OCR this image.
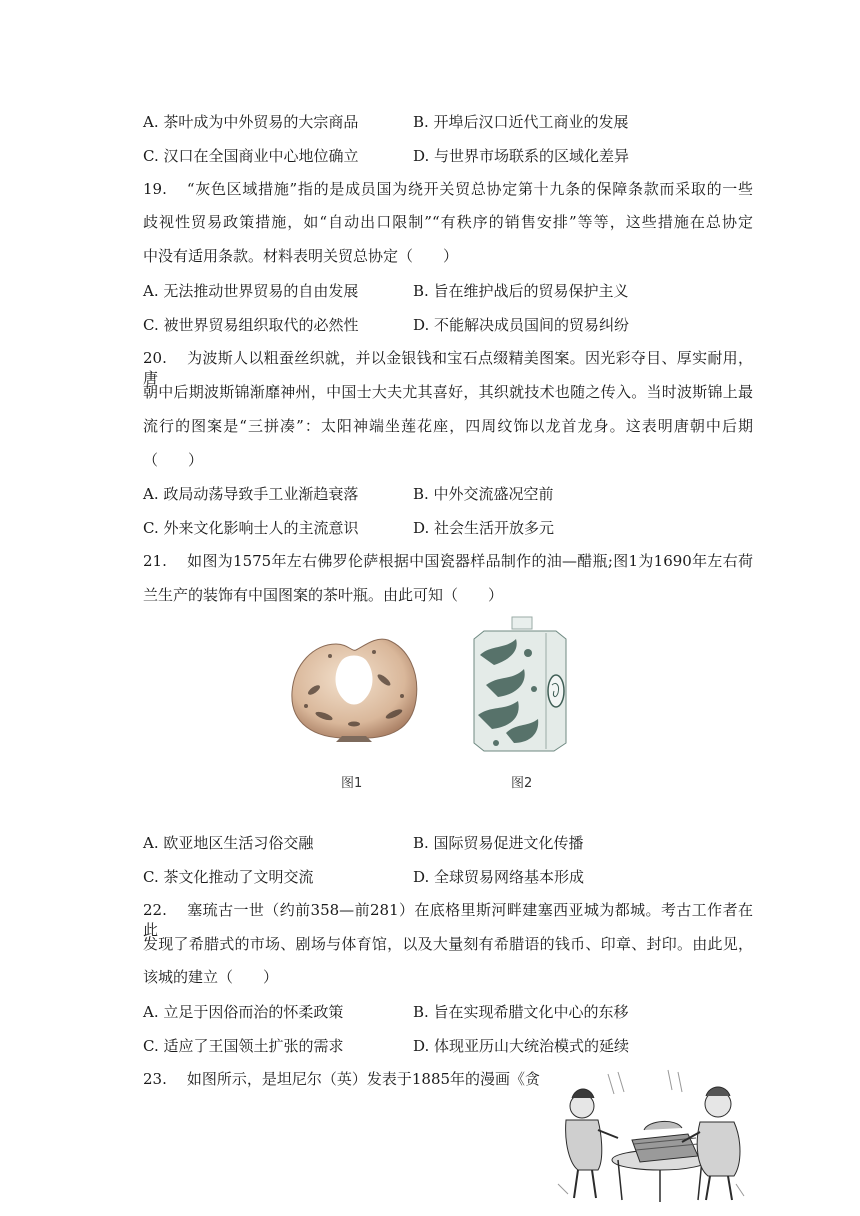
A. 茶叶成为中外贸易的大宗商品	B. 开埠后汉口近代工商业的发展
C. 汉口在全国商业中心地位确立	D. 与世界市场联系的区域化差异
19. “灰色区域措施”指的是成员国为绕开关贸总协定第十九条的保障条款而采取的一些
歧视性贸易政策措施，如“自动出口限制”“有秩序的销售安排”等等，这些措施在总协定
中没有适用条款。材料表明关贸总协定（　　）
A. 无法推动世界贸易的自由发展	B. 旨在维护战后的贸易保护主义
C. 被世界贸易组织取代的必然性	D. 不能解决成员国间的贸易纠纷
20. 为波斯人以粗蚕丝织就，并以金银钱和宝石点缀精美图案。因光彩夺目、厚实耐用，唐
朝中后期波斯锦渐靡神州，中国士大夫尤其喜好，其织就技术也随之传入。当时波斯锦上最
流行的图案是“三拼凑”：太阳神端坐莲花座，四周纹饰以龙首龙身。这表明唐朝中后期
（　　）
A. 政局动荡导致手工业渐趋衰落	B. 中外交流盛况空前
C. 外来文化影响士人的主流意识	D. 社会生活开放多元
21. 如图为1575年左右佛罗伦萨根据中国瓷器样品制作的油—醋瓶;图1为1690年左右荷
兰生产的装饰有中国图案的茶叶瓶。由此可知（　　）
图1	图2
A. 欧亚地区生活习俗交融	B. 国际贸易促进文化传播
C. 茶文化推动了文明交流	D. 全球贸易网络基本形成
22. 塞琉古一世（约前358—前281）在底格里斯河畔建塞西亚城为都城。考古工作者在此
发现了希腊式的市场、剧场与体育馆，以及大量刻有希腊语的钱币、印章、封印。由此见，
该城的建立（　　）
A. 立足于因俗而治的怀柔政策	B. 旨在实现希腊文化中心的东移
C. 适应了王国领土扩张的需求	D. 体现亚历山大统治模式的延续
23. 如图所示，是坦尼尔（英）发表于1885年的漫画《贪
